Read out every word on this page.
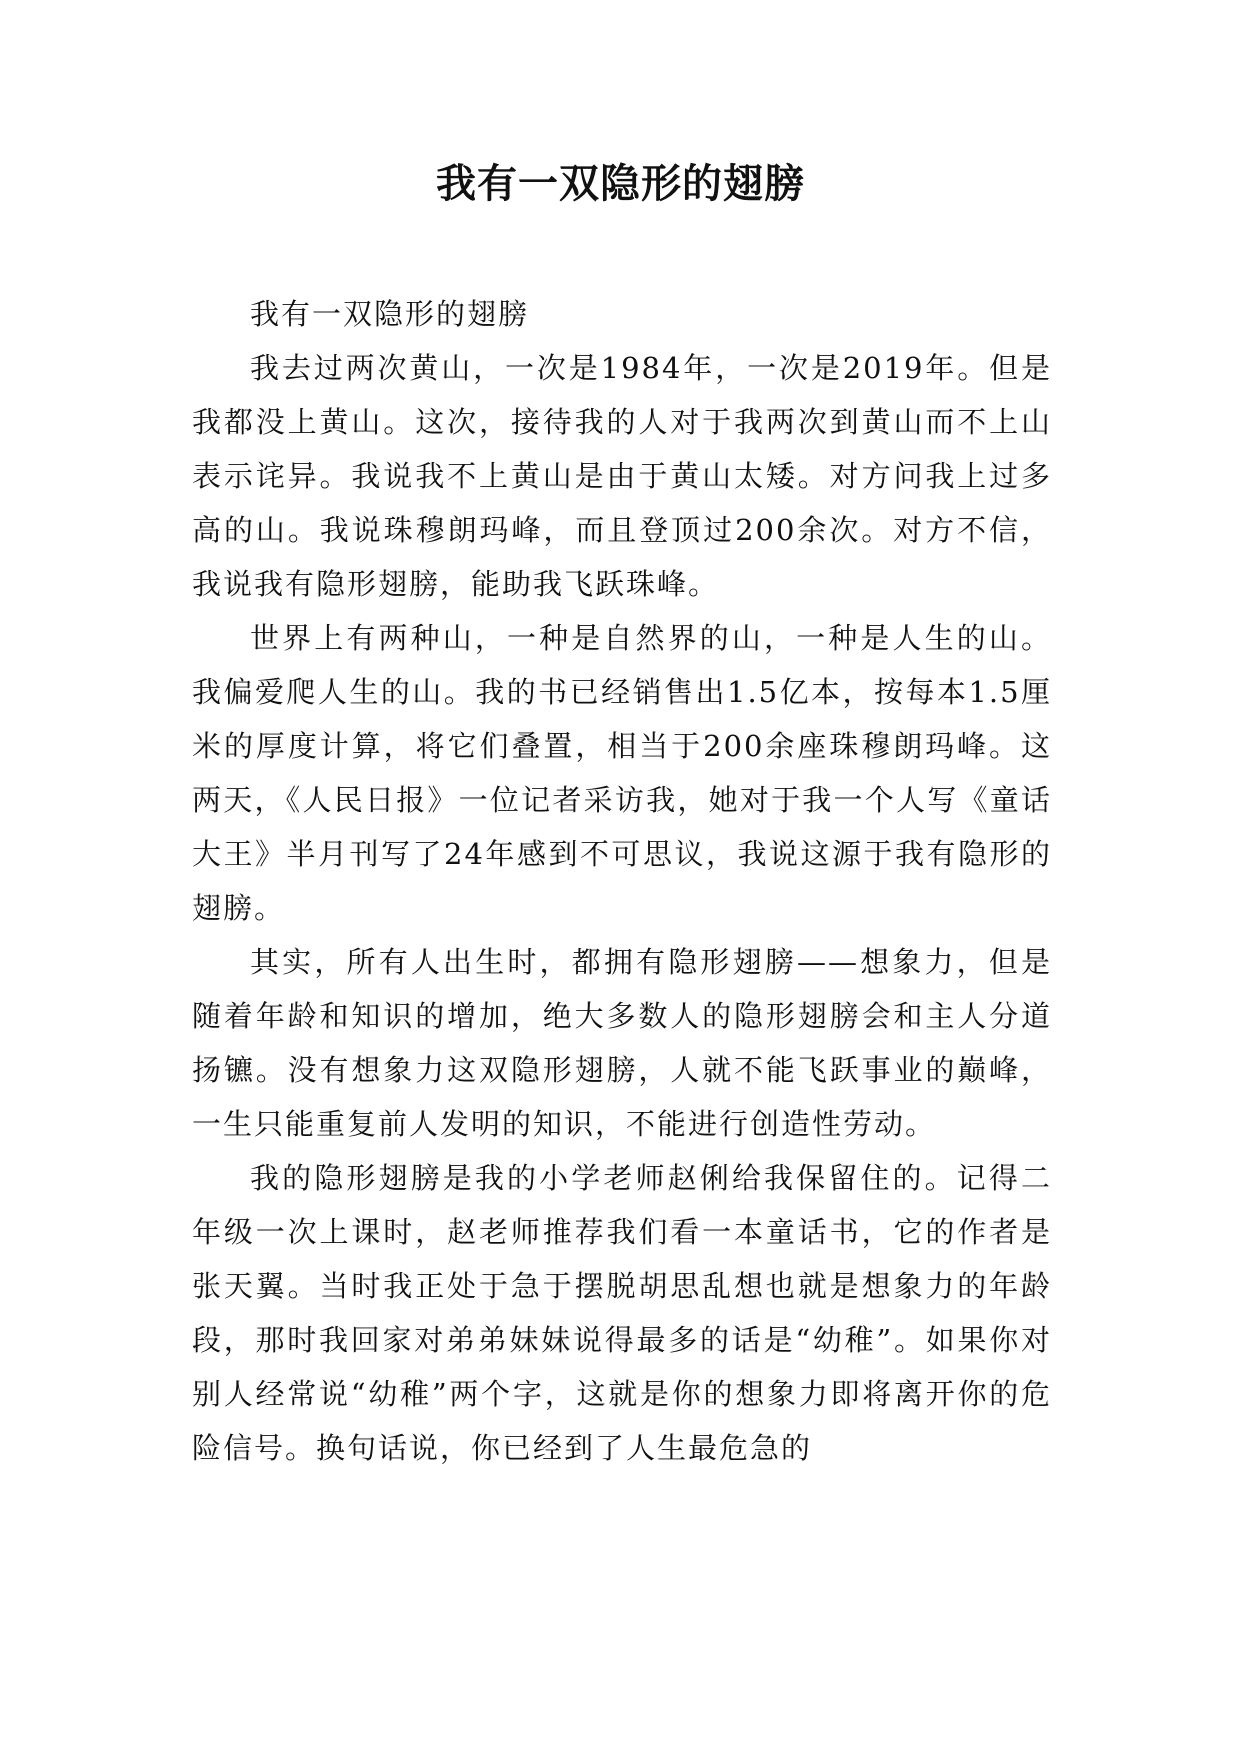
我有一双隐形的翅膀

我有一双隐形的翅膀

我去过两次黄山，一次是1984年，一次是2019年。但是我都没上黄山。这次，接待我的人对于我两次到黄山而不上山表示诧异。我说我不上黄山是由于黄山太矮。对方问我上过多高的山。我说珠穆朗玛峰，而且登顶过200余次。对方不信，我说我有隐形翅膀，能助我飞跃珠峰。

世界上有两种山，一种是自然界的山，一种是人生的山。我偏爱爬人生的山。我的书已经销售出1.5亿本，按每本1.5厘米的厚度计算，将它们叠置，相当于200余座珠穆朗玛峰。这两天，《人民日报》一位记者采访我，她对于我一个人写《童话大王》半月刊写了24年感到不可思议，我说这源于我有隐形的翅膀。

其实，所有人出生时，都拥有隐形翅膀——想象力，但是随着年龄和知识的增加，绝大多数人的隐形翅膀会和主人分道扬镳。没有想象力这双隐形翅膀，人就不能飞跃事业的巅峰，一生只能重复前人发明的知识，不能进行创造性劳动。

我的隐形翅膀是我的小学老师赵俐给我保留住的。记得二年级一次上课时，赵老师推荐我们看一本童话书，它的作者是张天翼。当时我正处于急于摆脱胡思乱想也就是想象力的年龄段，那时我回家对弟弟妹妹说得最多的话是“幼稚”。如果你对别人经常说“幼稚”两个字，这就是你的想象力即将离开你的危险信号。换句话说，你已经到了人生最危急的
